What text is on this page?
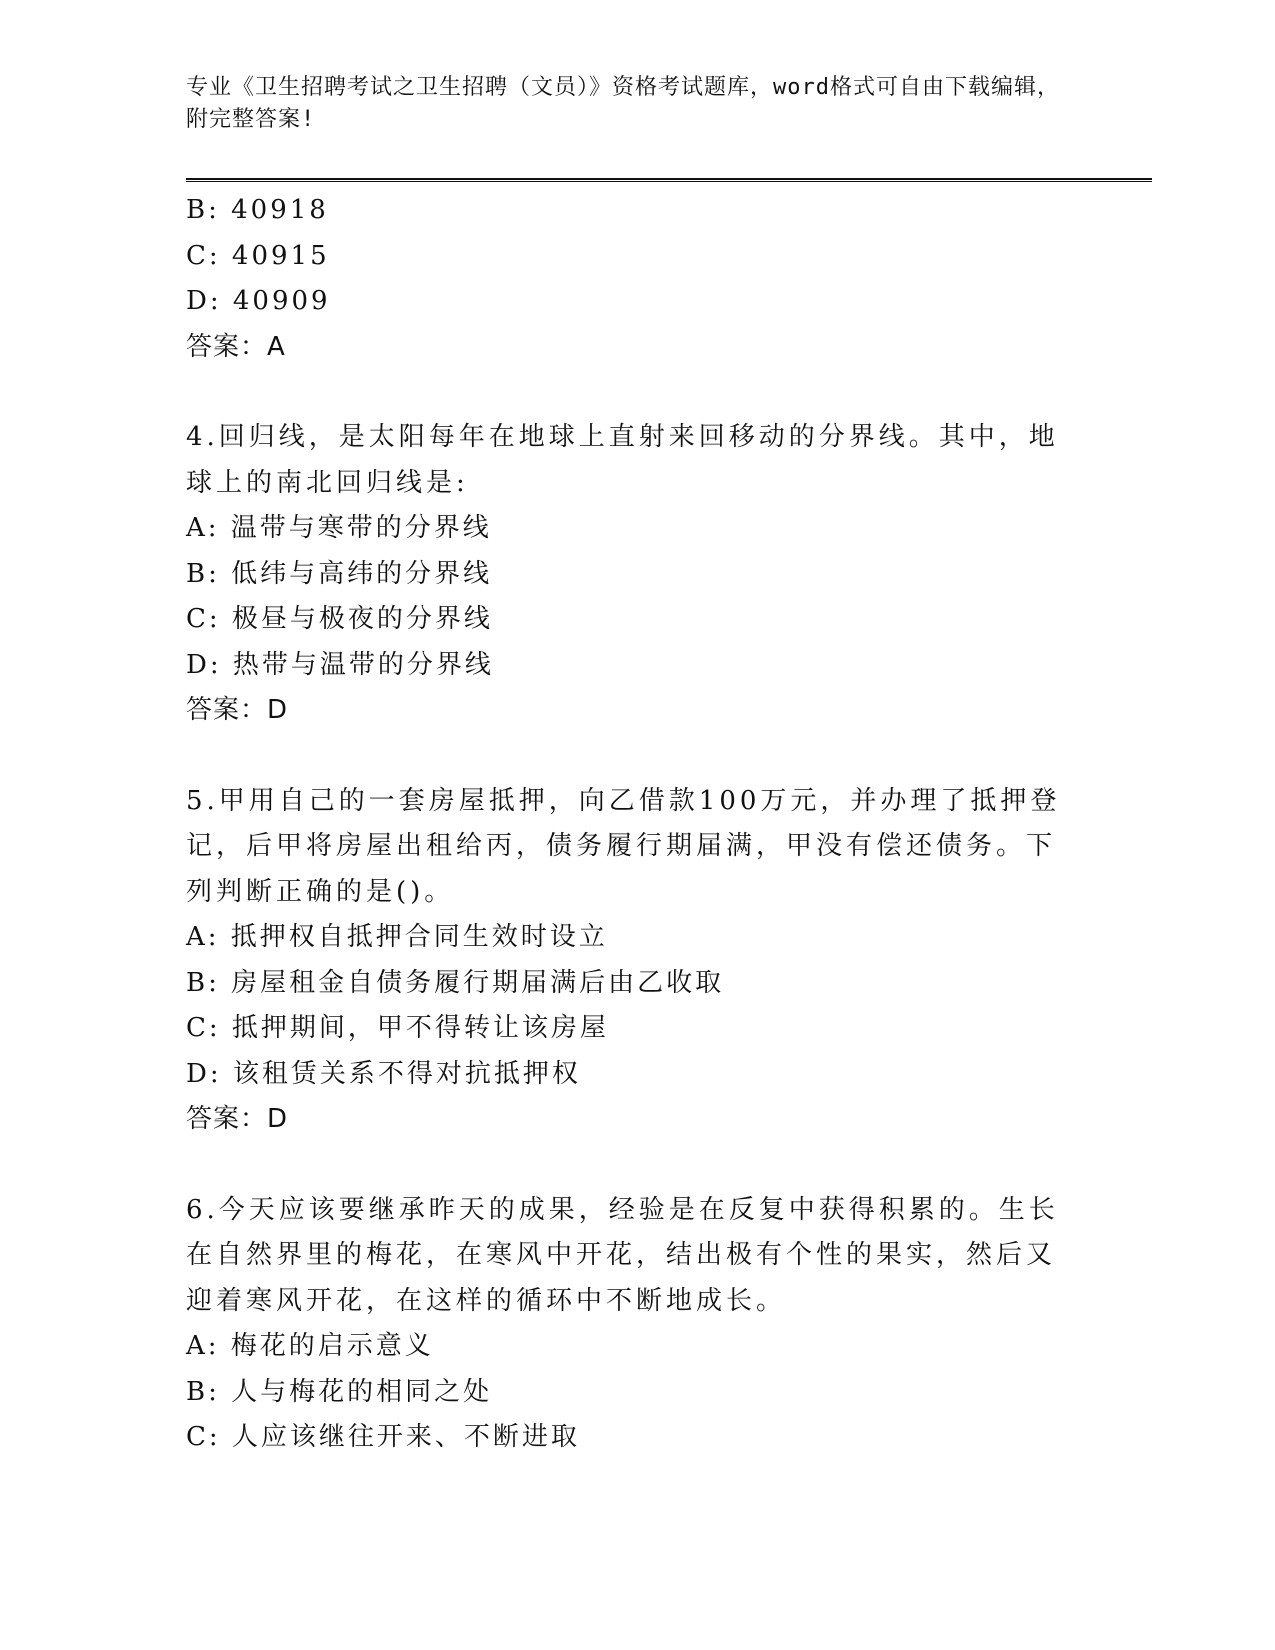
专业《卫生招聘考试之卫生招聘（文员）》资格考试题库，word格式可自由下载编辑，附完整答案!
B: 40918
C: 40915
D: 40909
答案：A
4.回归线，是太阳每年在地球上直射来回移动的分界线。其中，地球上的南北回归线是:
A: 温带与寒带的分界线
B: 低纬与高纬的分界线
C: 极昼与极夜的分界线
D: 热带与温带的分界线
答案：D
5.甲用自己的一套房屋抵押，向乙借款100万元，并办理了抵押登记，后甲将房屋出租给丙，债务履行期届满，甲没有偿还债务。下列判断正确的是()。
A: 抵押权自抵押合同生效时设立
B: 房屋租金自债务履行期届满后由乙收取
C: 抵押期间，甲不得转让该房屋
D: 该租赁关系不得对抗抵押权
答案：D
6.今天应该要继承昨天的成果，经验是在反复中获得积累的。生长在自然界里的梅花，在寒风中开花，结出极有个性的果实，然后又迎着寒风开花，在这样的循环中不断地成长。
A: 梅花的启示意义
B: 人与梅花的相同之处
C: 人应该继往开来、不断进取
